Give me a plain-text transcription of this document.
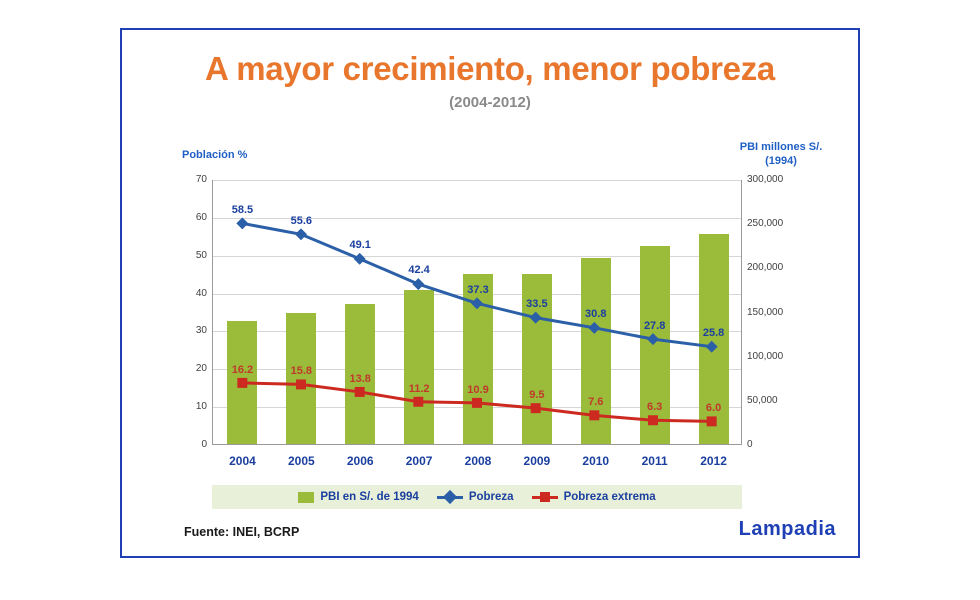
A mayor crecimiento, menor pobreza
(2004-2012)
Población %
PBI millones S/.
(1994)
0
10
20
30
40
50
60
70
0
50,000
100,000
150,000
200,000
250,000
300,000
58.5
55.6
49.1
42.4
37.3
33.5
30.8
27.8
25.8
16.2	15.8
13.8
11.2	10.9	9.5
7.6	6.3	6.0
2004	2005	2006	2007	2008	2009	2010	2011	2012
PBI en S/. de 1994	Pobreza	Pobreza extrema
Fuente: INEI, BCRP	Lampadia
